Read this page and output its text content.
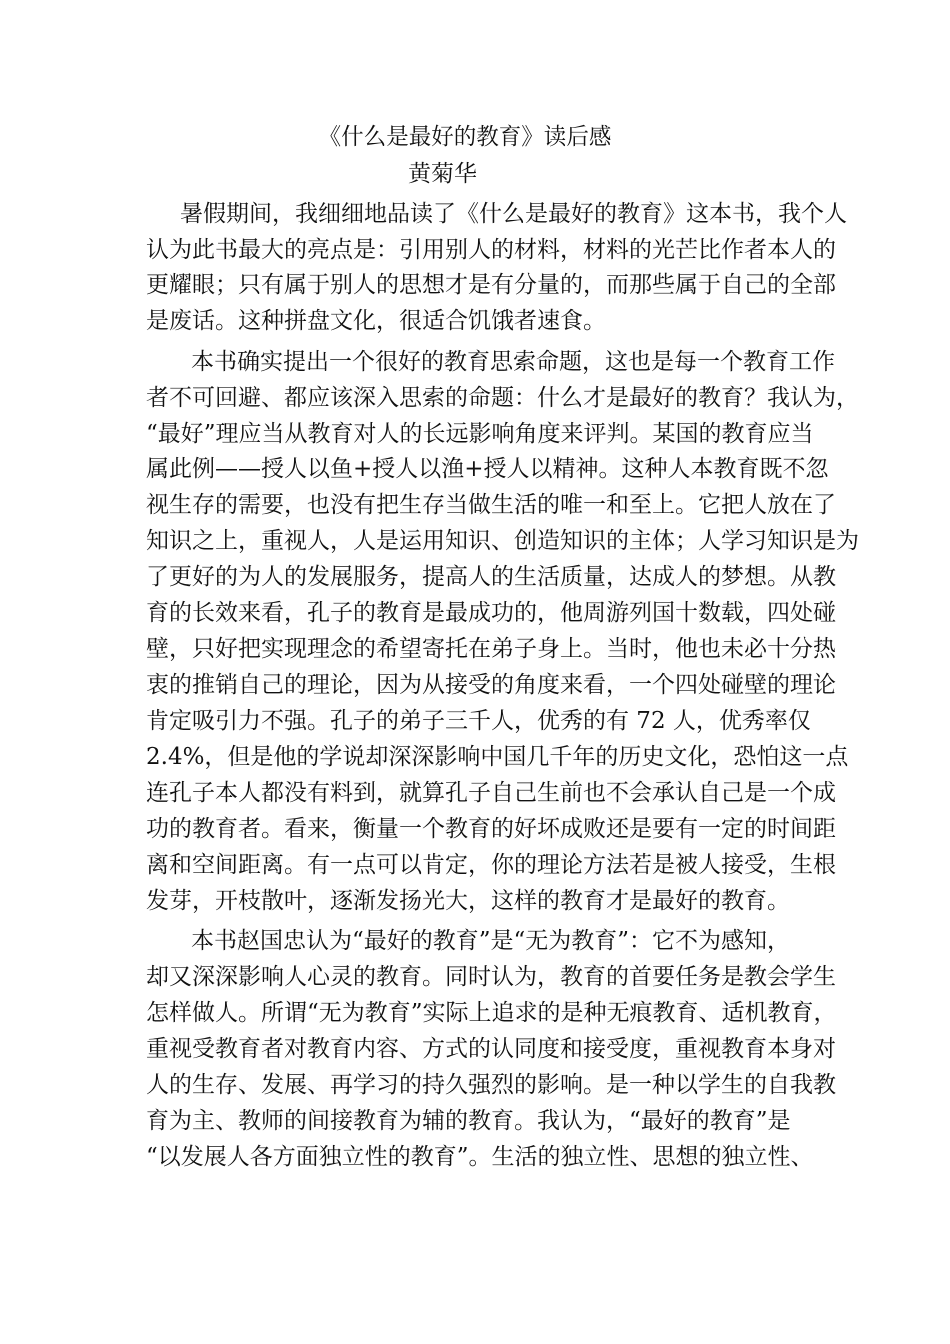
《什么是最好的教育》读后感
黄菊华
暑假期间，我细细地品读了《什么是最好的教育》这本书，我个人
认为此书最大的亮点是：引用别人的材料，材料的光芒比作者本人的
更耀眼；只有属于别人的思想才是有分量的，而那些属于自己的全部
是废话。这种拼盘文化，很适合饥饿者速食。
本书确实提出一个很好的教育思索命题，这也是每一个教育工作
者不可回避、都应该深入思索的命题：什么才是最好的教育？我认为，
“最好”理应当从教育对人的长远影响角度来评判。某国的教育应当
属此例——授人以鱼+授人以渔+授人以精神。这种人本教育既不忽
视生存的需要，也没有把生存当做生活的唯一和至上。它把人放在了
知识之上，重视人，人是运用知识、创造知识的主体；人学习知识是为
了更好的为人的发展服务，提高人的生活质量，达成人的梦想。从教
育的长效来看，孔子的教育是最成功的，他周游列国十数载，四处碰
壁，只好把实现理念的希望寄托在弟子身上。当时，他也未必十分热
衷的推销自己的理论，因为从接受的角度来看，一个四处碰壁的理论
肯定吸引力不强。孔子的弟子三千人，优秀的有 72 人，优秀率仅
2.4%，但是他的学说却深深影响中国几千年的历史文化，恐怕这一点
连孔子本人都没有料到，就算孔子自己生前也不会承认自己是一个成
功的教育者。看来，衡量一个教育的好坏成败还是要有一定的时间距
离和空间距离。有一点可以肯定，你的理论方法若是被人接受，生根
发芽，开枝散叶，逐渐发扬光大，这样的教育才是最好的教育。
本书赵国忠认为“最好的教育”是“无为教育”：它不为感知，
却又深深影响人心灵的教育。同时认为，教育的首要任务是教会学生
怎样做人。所谓“无为教育”实际上追求的是种无痕教育、适机教育，
重视受教育者对教育内容、方式的认同度和接受度，重视教育本身对
人的生存、发展、再学习的持久强烈的影响。是一种以学生的自我教
育为主、教师的间接教育为辅的教育。我认为，“最好的教育”是
“以发展人各方面独立性的教育”。生活的独立性、思想的独立性、
